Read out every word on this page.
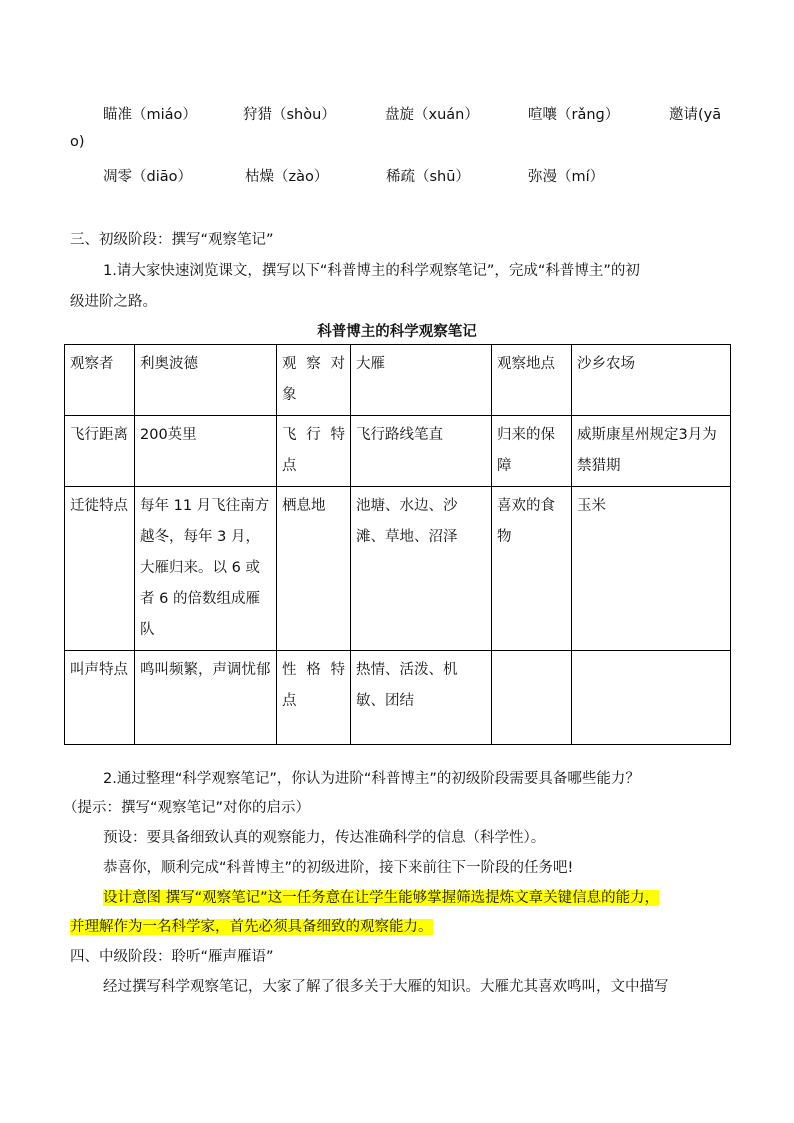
瞄准（miáo）	狩猎（shòu）	盘旋（xuán）	喧嚷（rǎnɡ）	邀请(yā
o)
凋零（diāo）	枯燥（zào）	稀疏（shū）	弥漫（mí）
三、初级阶段：撰写“观察笔记”
1.请大家快速浏览课文，撰写以下“科普博主的科学观察笔记”，完成“科普博主”的初
级进阶之路。
科普博主的科学观察笔记
观察者	利奥波德	观 察 对 象	大雁	观察地点	沙乡农场
飞行距离	200英里	飞 行 特 点	飞行路线笔直	归来的保障	威斯康星州规定3月为禁猎期
迁徙特点	每年 11 月飞往南方越冬，每年 3 月，大雁归来。以 6 或者 6 的倍数组成雁队	栖息地	池塘、水边、沙滩、草地、沼泽	喜欢的食物	玉米
叫声特点	鸣叫频繁，声调忧郁	性 格 特 点	热情、活泼、机敏、团结		
2.通过整理“科学观察笔记”，你认为进阶“科普博主”的初级阶段需要具备哪些能力？
（提示：撰写“观察笔记”对你的启示）
预设：要具备细致认真的观察能力，传达准确科学的信息（科学性）。
恭喜你，顺利完成“科普博主”的初级进阶，接下来前往下一阶段的任务吧!
设计意图 撰写“观察笔记”这一任务意在让学生能够掌握筛选提炼文章关键信息的能力，
并理解作为一名科学家，首先必须具备细致的观察能力。
四、中级阶段：聆听“雁声雁语”
经过撰写科学观察笔记，大家了解了很多关于大雁的知识。大雁尤其喜欢鸣叫，文中描写
